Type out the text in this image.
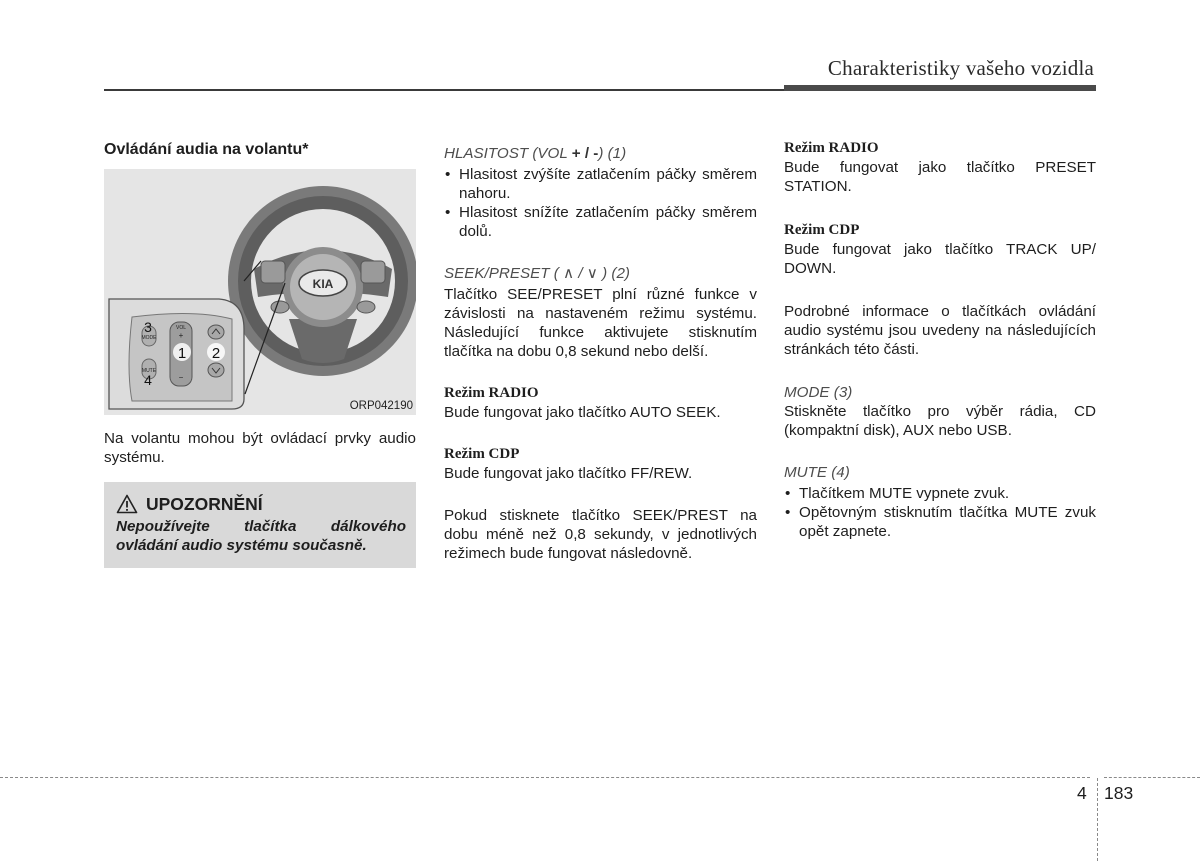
Charakteristiky vašeho vozidla
Ovládání audia na volantu*
KIA
MODE
MUTE
VOL
+
−
1 2
3
4
ORP042190
Na volantu mohou být ovládací prvky audio systému.
UPOZORNĚNÍ
Nepoužívejte tlačítka dálkového ovládání audio systému současně.
HLASITOST (VOL + / -) (1)
• Hlasitost zvýšíte zatlačením páčky směrem nahoru.
• Hlasitost snížíte zatlačením páčky směrem dolů.
SEEK/PRESET ( ∧ / ∨ ) (2)
Tlačítko SEE/PRESET plní různé funkce v závislosti na nastaveném režimu systému. Následující funkce aktivujete stisknutím tlačítka na dobu 0,8 sekund nebo delší.
Režim RADIO
Bude fungovat jako tlačítko AUTO SEEK.
Režim CDP
Bude fungovat jako tlačítko FF/REW.
Pokud stisknete tlačítko SEEK/PREST na dobu méně než 0,8 sekundy, v jednotlivých režimech bude fungovat následovně.
Režim RADIO
Bude fungovat jako tlačítko PRESET STATION.
Režim CDP
Bude fungovat jako tlačítko TRACK UP/ DOWN.
Podrobné informace o tlačítkách ovládání audio systému jsou uvedeny na následujících stránkách této části.
MODE (3)
Stiskněte tlačítko pro výběr rádia, CD (kompaktní disk), AUX nebo USB.
MUTE (4)
• Tlačítkem MUTE vypnete zvuk.
• Opětovným stisknutím tlačítka MUTE zvuk opět zapnete.
4 183
